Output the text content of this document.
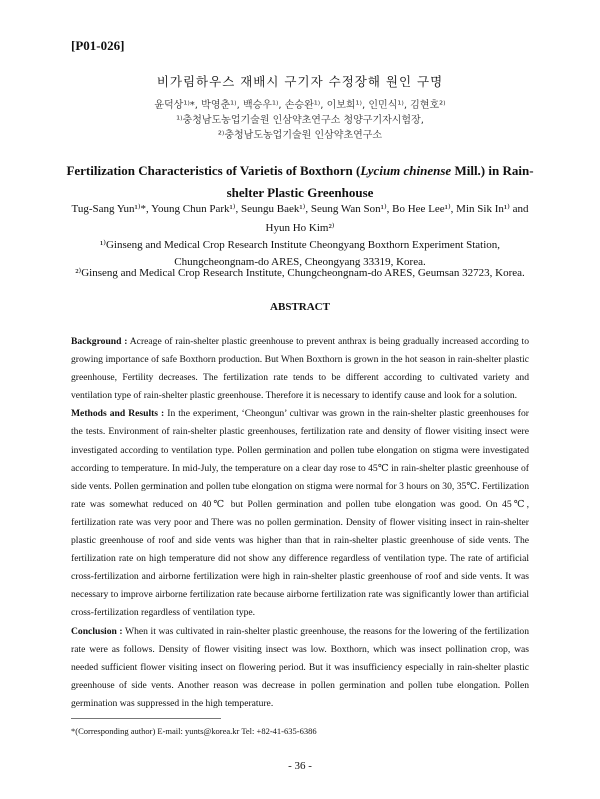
[P01-026]
비가림하우스 재배시 구기자 수정장해 원인 구명
윤덕상¹⁾*, 박영춘¹⁾, 백승우¹⁾, 손승완¹⁾, 이보희¹⁾, 인민식¹⁾, 김현호²⁾
¹⁾충청남도농업기술원 인삼약초연구소 청양구기자시험장,
²⁾충청남도농업기술원 인삼약초연구소
Fertilization Characteristics of Varietis of Boxthorn (Lycium chinense Mill.) in Rain-shelter Plastic Greenhouse
Tug-Sang Yun¹⁾*, Young Chun Park¹⁾, Seungu Baek¹⁾, Seung Wan Son¹⁾, Bo Hee Lee¹⁾, Min Sik In¹⁾ and Hyun Ho Kim²⁾
¹⁾Ginseng and Medical Crop Research Institute Cheongyang Boxthorn Experiment Station, Chungcheongnam-do ARES, Cheongyang 33319, Korea.
²⁾Ginseng and Medical Crop Research Institute, Chungcheongnam-do ARES, Geumsan 32723, Korea.
ABSTRACT

Background : Acreage of rain-shelter plastic greenhouse to prevent anthrax is being gradually increased according to growing importance of safe Boxthorn production. But When Boxthorn is grown in the hot season in rain-shelter plastic greenhouse, Fertility decreases. The fertilization rate tends to be different according to cultivated variety and ventilation type of rain-shelter plastic greenhouse. Therefore it is necessary to identify cause and look for a solution.

Methods and Results : In the experiment, ‘Cheongun’ cultivar was grown in the rain-shelter plastic greenhouses for the tests. Environment of rain-shelter plastic greenhouses, fertilization rate and density of flower visiting insect were investigated according to ventilation type. Pollen germination and pollen tube elongation on stigma were investigated according to temperature. In mid-July, the temperature on a clear day rose to 45℃ in rain-shelter plastic greenhouse of side vents. Pollen germination and pollen tube elongation on stigma were normal for 3 hours on 30, 35℃. Fertilization rate was somewhat reduced on 40℃ but Pollen germination and pollen tube elongation was good. On 45℃, fertilization rate was very poor and There was no pollen germination. Density of flower visiting insect in rain-shelter plastic greenhouse of roof and side vents was higher than that in rain-shelter plastic greenhouse of side vents. The fertilization rate on high temperature did not show any difference regardless of ventilation type. The rate of artificial cross-fertilization and airborne fertilization were high in rain-shelter plastic greenhouse of roof and side vents. It was necessary to improve airborne fertilization rate because airborne fertilization rate was significantly lower than artificial cross-fertilization regardless of ventilation type.

Conclusion : When it was cultivated in rain-shelter plastic greenhouse, the reasons for the lowering of the fertilization rate were as follows. Density of flower visiting insect was low. Boxthorn, which was insect pollination crop, was needed sufficient flower visiting insect on flowering period. But it was insufficiency especially in rain-shelter plastic greenhouse of side vents. Another reason was decrease in pollen germination and pollen tube elongation. Pollen germination was suppressed in the high temperature.

*(Corresponding author) E-mail: yunts@korea.kr Tel: +82-41-635-6386
- 36 -
